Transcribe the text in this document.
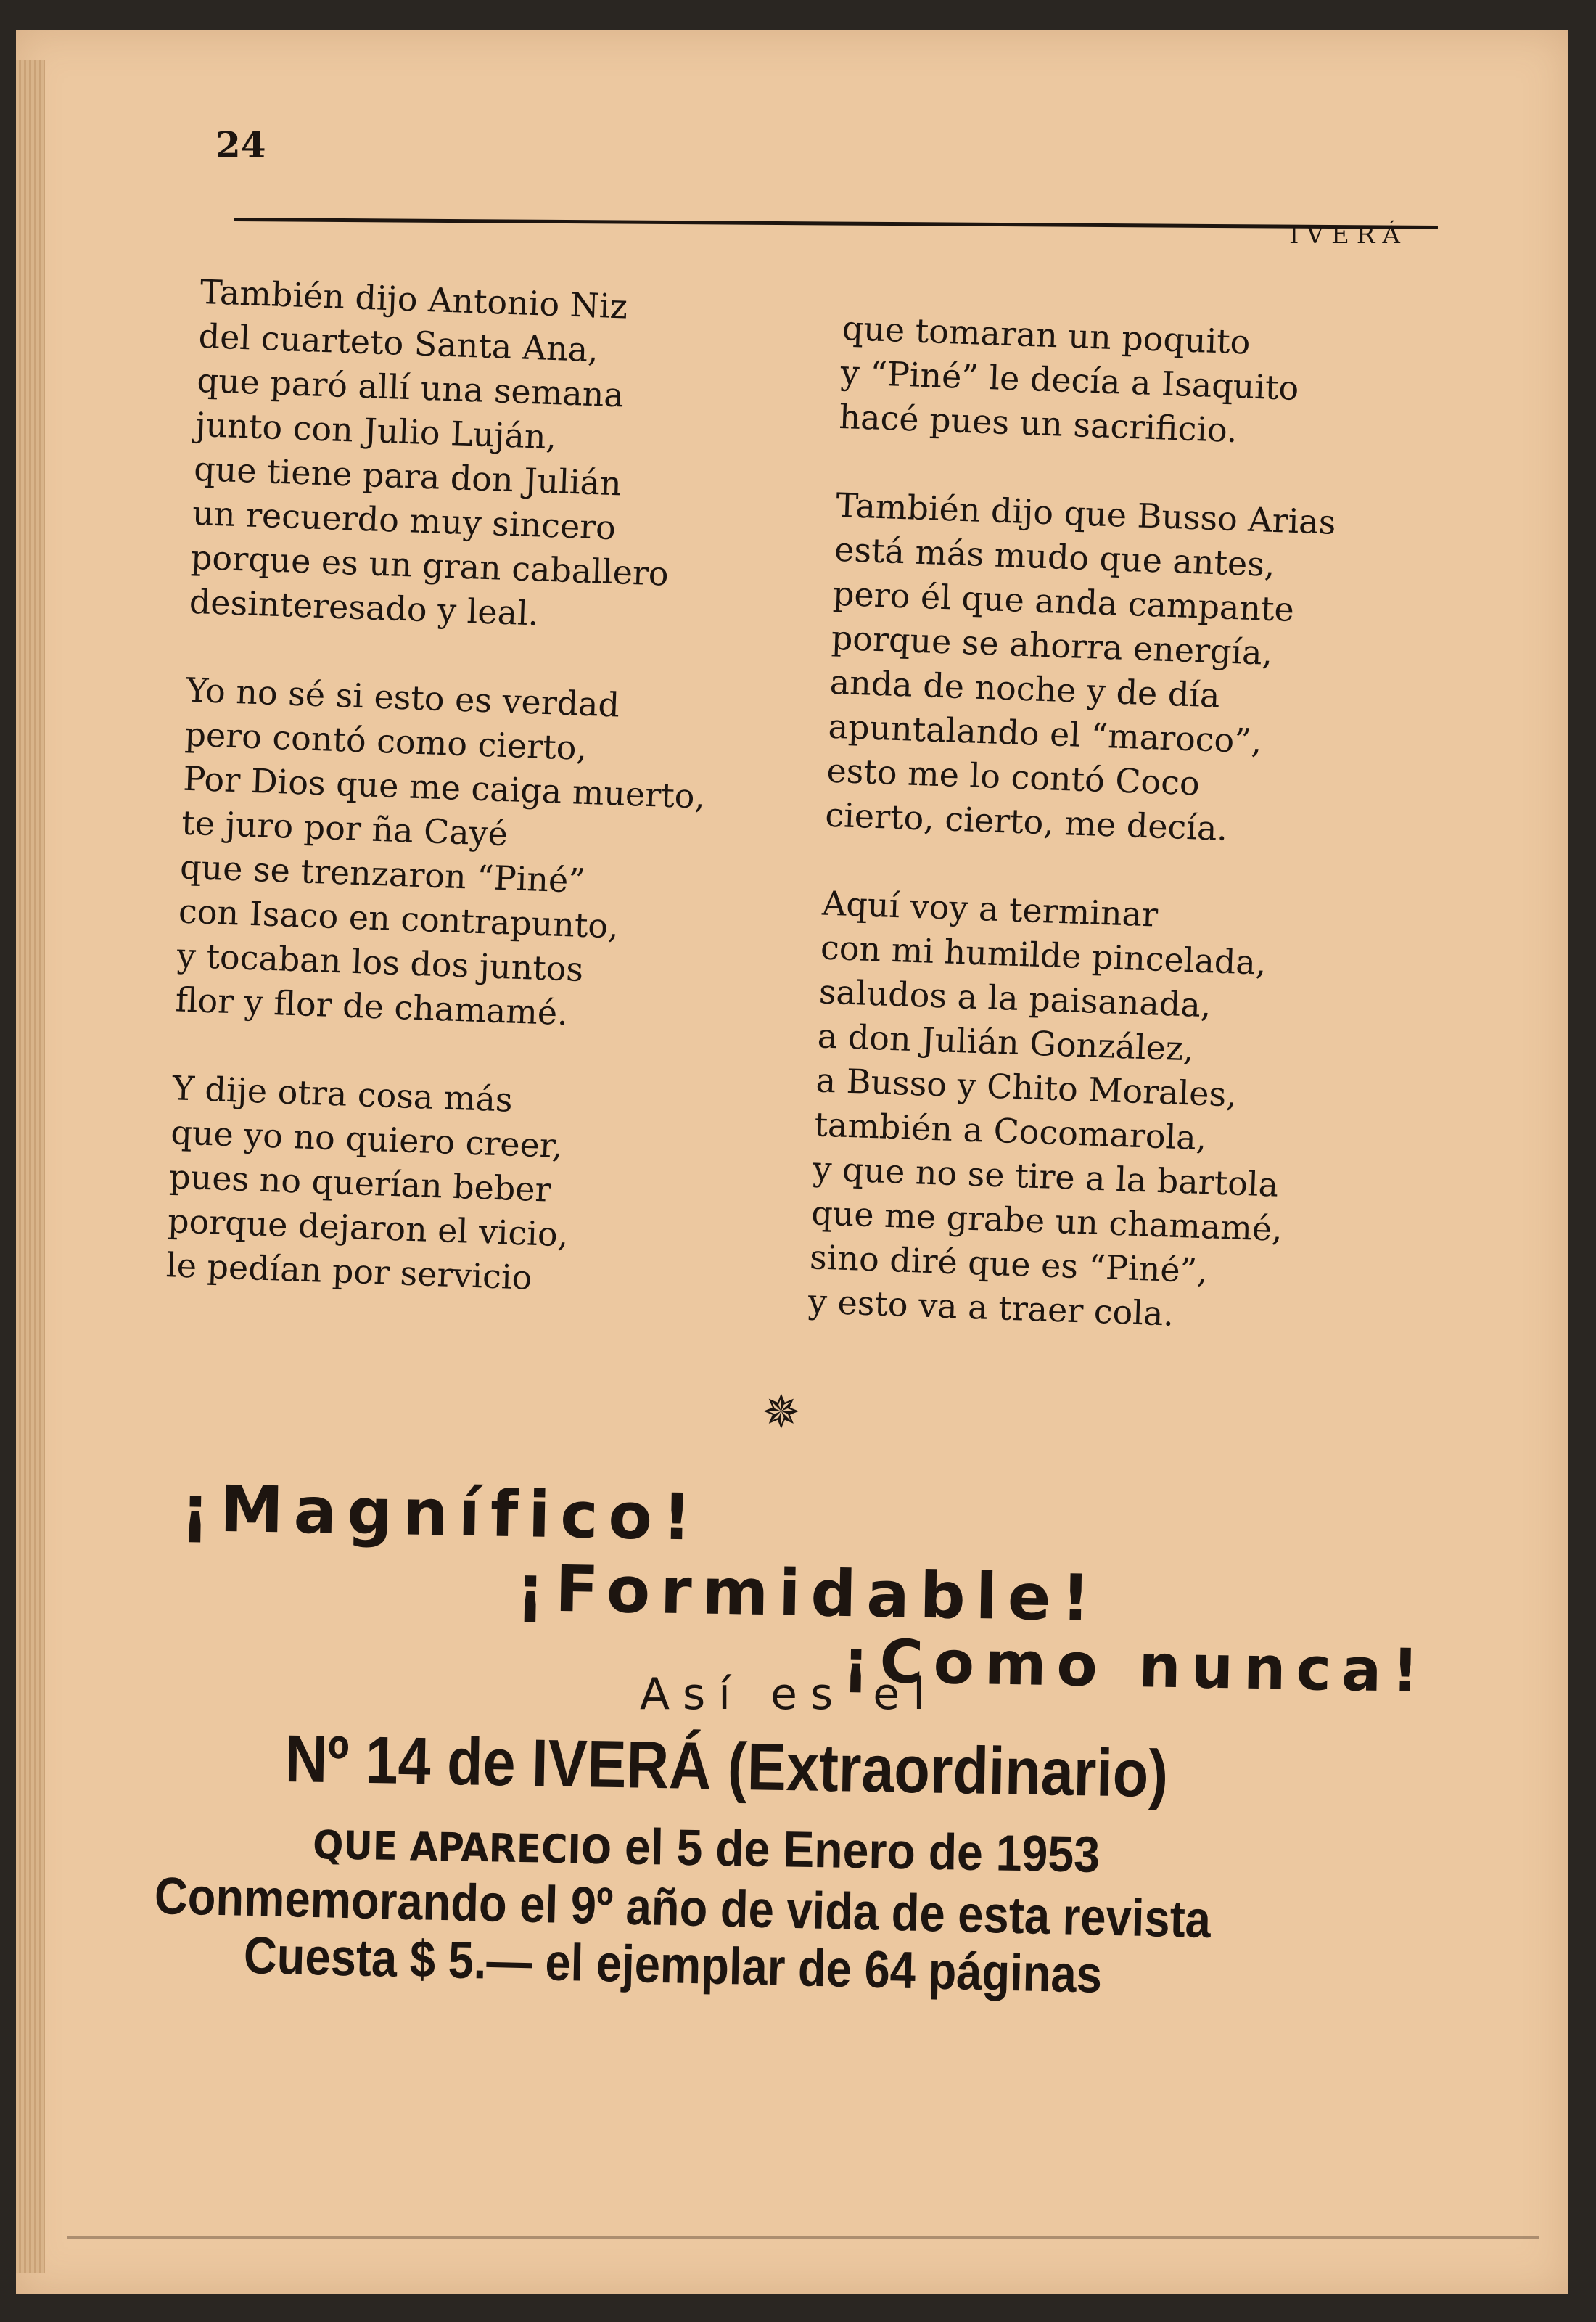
24
IVERÁ
También dijo Antonio Niz
del cuarteto Santa Ana,
que paró allí una semana
junto con Julio Luján,
que tiene para don Julián
un recuerdo muy sincero
porque es un gran caballero
desinteresado y leal.
Yo no sé si esto es verdad
pero contó como cierto,
Por Dios que me caiga muerto,
te juro por ña Cayé
que se trenzaron “Piné”
con Isaco en contrapunto,
y tocaban los dos juntos
flor y flor de chamamé.
Y dije otra cosa más
que yo no quiero creer,
pues no querían beber
porque dejaron el vicio,
le pedían por servicio
que tomaran un poquito
y “Piné” le decía a Isaquito
hacé pues un sacrificio.
También dijo que Busso Arias
está más mudo que antes,
pero él que anda campante
porque se ahorra energía,
anda de noche y de día
apuntalando el “maroco”,
esto me lo contó Coco
cierto, cierto, me decía.
Aquí voy a terminar
con mi humilde pincelada,
saludos a la paisanada,
a don Julián González,
a Busso y Chito Morales,
también a Cocomarola,
y que no se tire a la bartola
que me grabe un chamamé,
sino diré que es “Piné”,
y esto va a traer cola.
✵
¡Magnífico!
¡Formidable!
¡Como nunca!
Así es el
Nº 14 de IVERÁ (Extraordinario)
QUE APARECIO el 5 de Enero de 1953
Conmemorando el 9º año de vida de esta revista
Cuesta $ 5.— el ejemplar de 64 páginas
